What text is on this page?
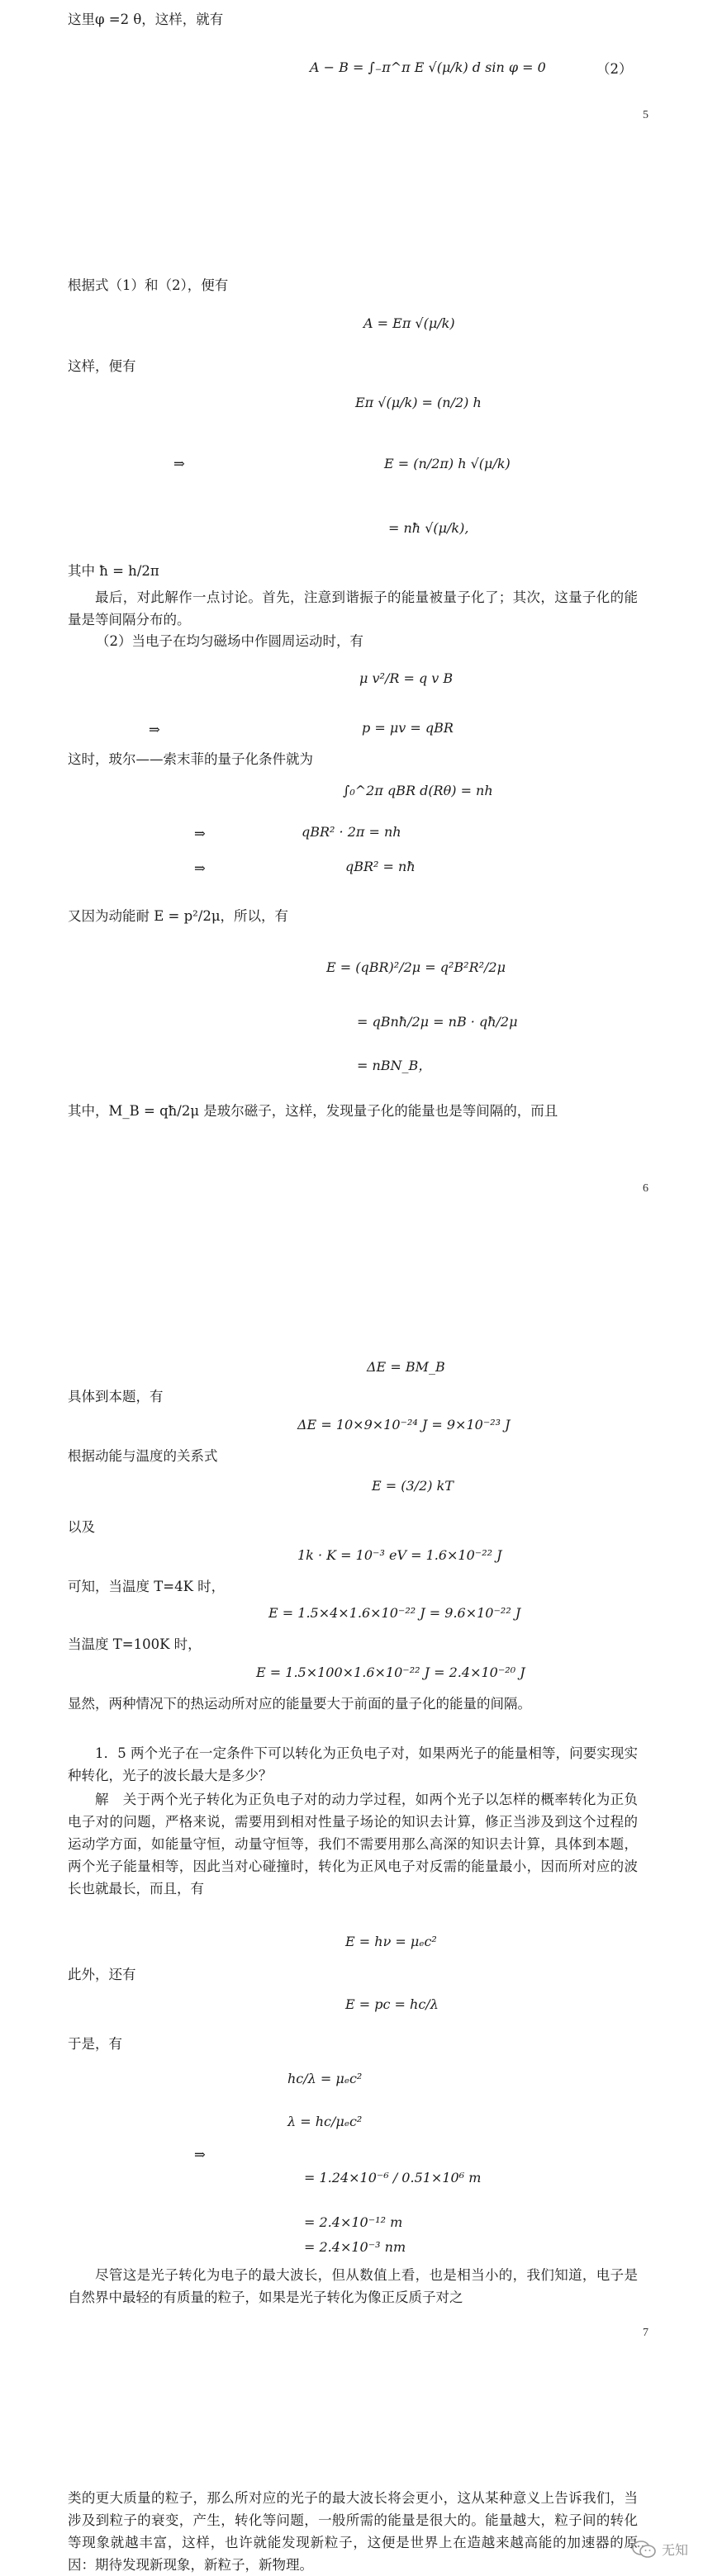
这里φ =2 θ，这样，就有
A − B = ∫₋π^π E √(μ/k) d sin φ = 0	（2）
5
根据式（1）和（2），便有
A = Eπ √(μ/k)
这样，便有
Eπ √(μ/k) = (n/2) h
⇒	E = (n/2π) h √(μ/k)
= nħ √(μ/k),
其中 ħ = h/2π
最后，对此解作一点讨论。首先，注意到谐振子的能量被量子化了；其次，这量子化的能量是等间隔分布的。
（2）当电子在均匀磁场中作圆周运动时，有
μ v²/R = q v B
⇒	p = μv = qBR
这时，玻尔——索末菲的量子化条件就为
∫₀^2π qBR d(Rθ) = nh
⇒	qBR² · 2π = nh
⇒	qBR² = nħ
又因为动能耐 E = p²/2μ，所以，有
E = (qBR)²/2μ = q²B²R²/2μ
= qBnħ/2μ = nB · qħ/2μ
= nBN_B，
其中，M_B = qħ/2μ 是玻尔磁子，这样，发现量子化的能量也是等间隔的，而且
6
ΔE = BM_B
具体到本题，有
ΔE = 10×9×10⁻²⁴ J = 9×10⁻²³ J
根据动能与温度的关系式
E = (3/2) kT
以及
1k · K = 10⁻³ eV = 1.6×10⁻²² J
可知，当温度 T=4K 时，
E = 1.5×4×1.6×10⁻²² J = 9.6×10⁻²² J
当温度 T=100K 时，
E = 1.5×100×1.6×10⁻²² J = 2.4×10⁻²⁰ J
显然，两种情况下的热运动所对应的能量要大于前面的量子化的能量的间隔。
1．5 两个光子在一定条件下可以转化为正负电子对，如果两光子的能量相等，问要实现实种转化，光子的波长最大是多少？
解　关于两个光子转化为正负电子对的动力学过程，如两个光子以怎样的概率转化为正负电子对的问题，严格来说，需要用到相对性量子场论的知识去计算，修正当涉及到这个过程的运动学方面，如能量守恒，动量守恒等，我们不需要用那么高深的知识去计算，具体到本题，两个光子能量相等，因此当对心碰撞时，转化为正风电子对反需的能量最小，因而所对应的波长也就最长，而且，有
E = hν = μₑc²
此外，还有
E = pc = hc/λ
于是，有
hc/λ = μₑc²
λ = hc/μₑc²
⇒
= 1.24×10⁻⁶ / 0.51×10⁶ m
= 2.4×10⁻¹² m
= 2.4×10⁻³ nm
尽管这是光子转化为电子的最大波长，但从数值上看，也是相当小的，我们知道，电子是自然界中最轻的有质量的粒子，如果是光子转化为像正反质子对之
7
类的更大质量的粒子，那么所对应的光子的最大波长将会更小，这从某种意义上告诉我们，当涉及到粒子的衰变，产生，转化等问题，一般所需的能量是很大的。能量越大，粒子间的转化等现象就越丰富，这样，也许就能发现新粒子，这便是世界上在造越来越高能的加速器的原因：期待发现新现象，新粒子，新物理。
无知
